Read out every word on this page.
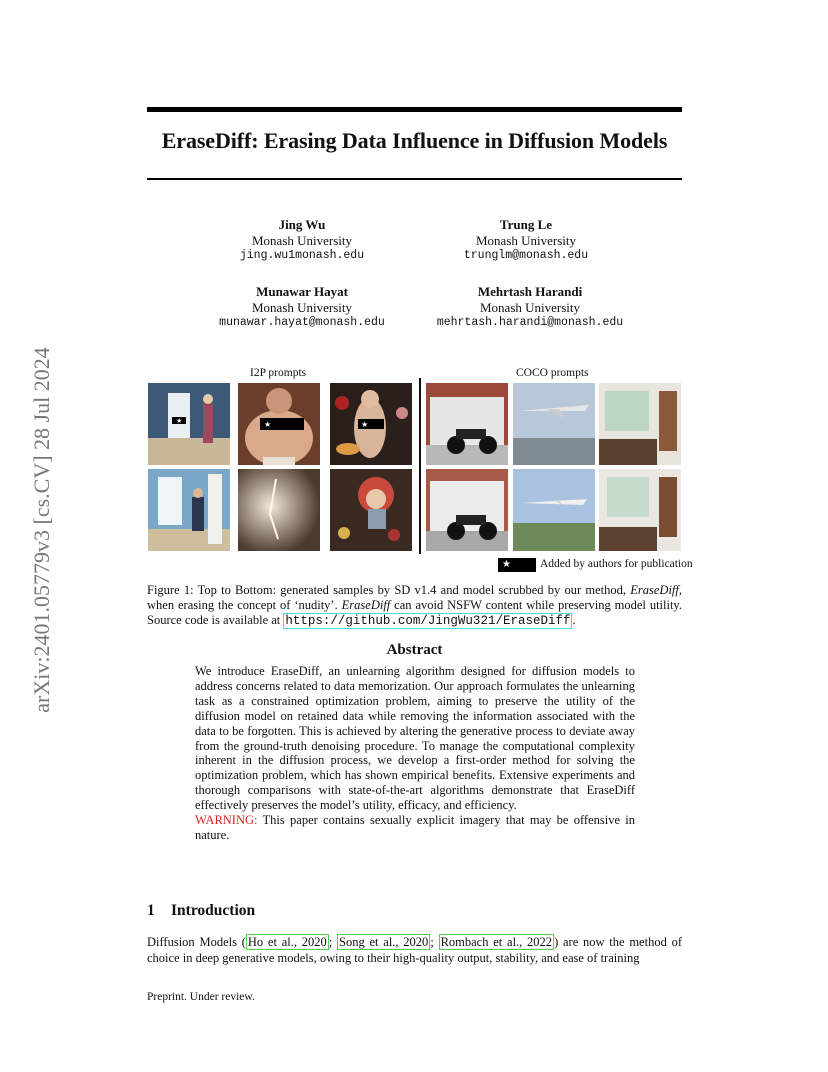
arXiv:2401.05779v3 [cs.CV] 28 Jul 2024
EraseDiff: Erasing Data Influence in Diffusion Models
Jing Wu
Monash University
jing.wu1monash.edu
Trung Le
Monash University
trunglm@monash.edu
Munawar Hayat
Monash University
munawar.hayat@monash.edu
Mehrtash Harandi
Monash University
mehrtash.harandi@monash.edu
I2P prompts	COCO prompts
★	★	★
★	Added by authors for publication
Figure 1: Top to Bottom: generated samples by SD v1.4 and model scrubbed by our method, EraseDiff, when erasing the concept of ‘nudity’. EraseDiff can avoid NSFW content while preserving model utility. Source code is available at https://github.com/JingWu321/EraseDiff .
Abstract
We introduce EraseDiff, an unlearning algorithm designed for diffusion models to address concerns related to data memorization. Our approach formulates the unlearning task as a constrained optimization problem, aiming to preserve the utility of the diffusion model on retained data while removing the information associated with the data to be forgotten. This is achieved by altering the generative process to deviate away from the ground-truth denoising procedure. To manage the computational complexity inherent in the diffusion process, we develop a first-order method for solving the optimization problem, which has shown empirical benefits. Extensive experiments and thorough comparisons with state-of-the-art algorithms demonstrate that EraseDiff effectively preserves the model’s utility, efficacy, and efficiency.
WARNING: This paper contains sexually explicit imagery that may be offensive in nature.
1 Introduction
Diffusion Models ( Ho et al., 2020 ; Song et al., 2020 ; Rombach et al., 2022 ) are now the method of choice in deep generative models, owing to their high-quality output, stability, and ease of training
Preprint. Under review.
